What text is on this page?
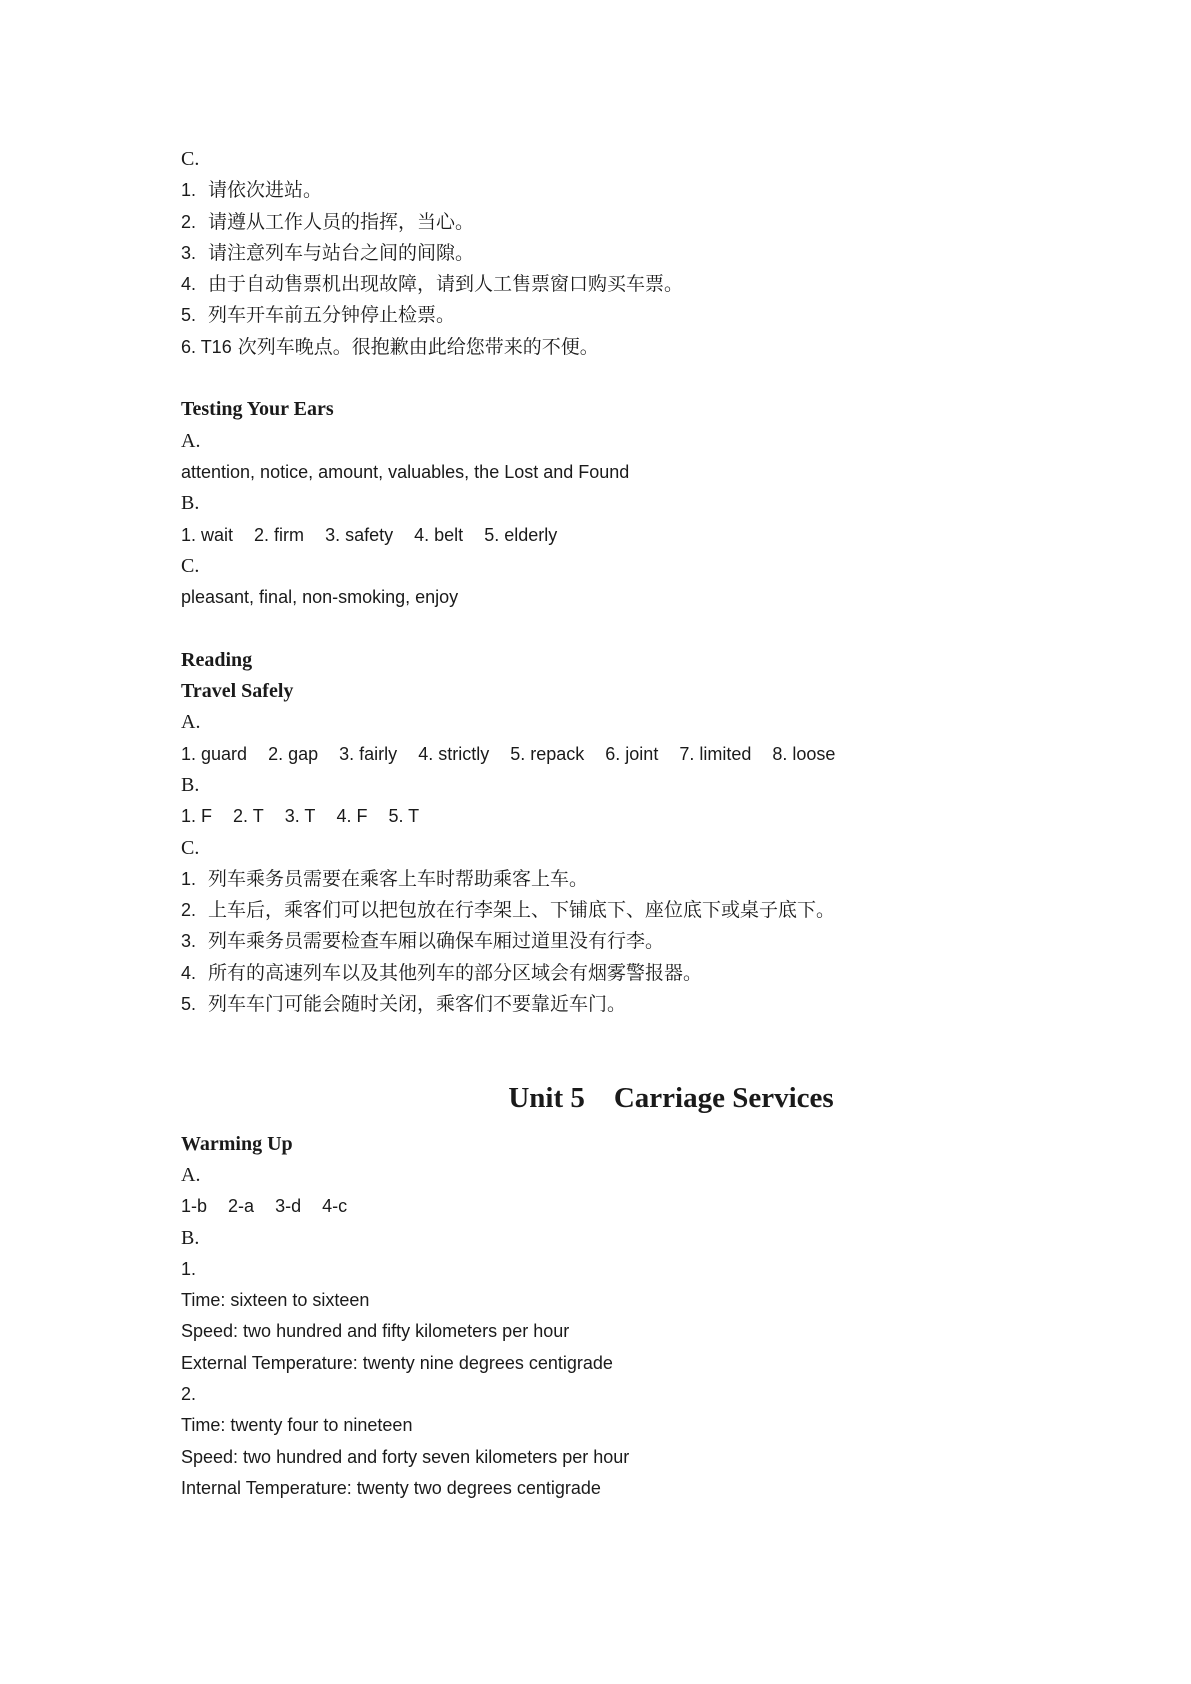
C.
1. 请依次进站。
2. 请遵从工作人员的指挥，当心。
3. 请注意列车与站台之间的间隙。
4. 由于自动售票机出现故障，请到人工售票窗口购买车票。
5. 列车开车前五分钟停止检票。
6. T16 次列车晚点。很抱歉由此给您带来的不便。
Testing Your Ears
A.
attention, notice, amount, valuables, the Lost and Found
B.
1. wait 2. firm 3. safety 4. belt 5. elderly
C.
pleasant, final, non-smoking, enjoy
Reading
Travel Safely
A.
1. guard 2. gap 3. fairly 4. strictly 5. repack 6. joint 7. limited 8. loose
B.
1. F 2. T 3. T 4. F 5. T
C.
1. 列车乘务员需要在乘客上车时帮助乘客上车。
2. 上车后，乘客们可以把包放在行李架上、下铺底下、座位底下或桌子底下。
3. 列车乘务员需要检查车厢以确保车厢过道里没有行李。
4. 所有的高速列车以及其他列车的部分区域会有烟雾警报器。
5. 列车车门可能会随时关闭，乘客们不要靠近车门。
Unit 5    Carriage Services
Warming Up
A.
1-b 2-a 3-d 4-c
B.
1.
Time: sixteen to sixteen
Speed: two hundred and fifty kilometers per hour
External Temperature: twenty nine degrees centigrade
2.
Time: twenty four to nineteen
Speed: two hundred and forty seven kilometers per hour
Internal Temperature: twenty two degrees centigrade
